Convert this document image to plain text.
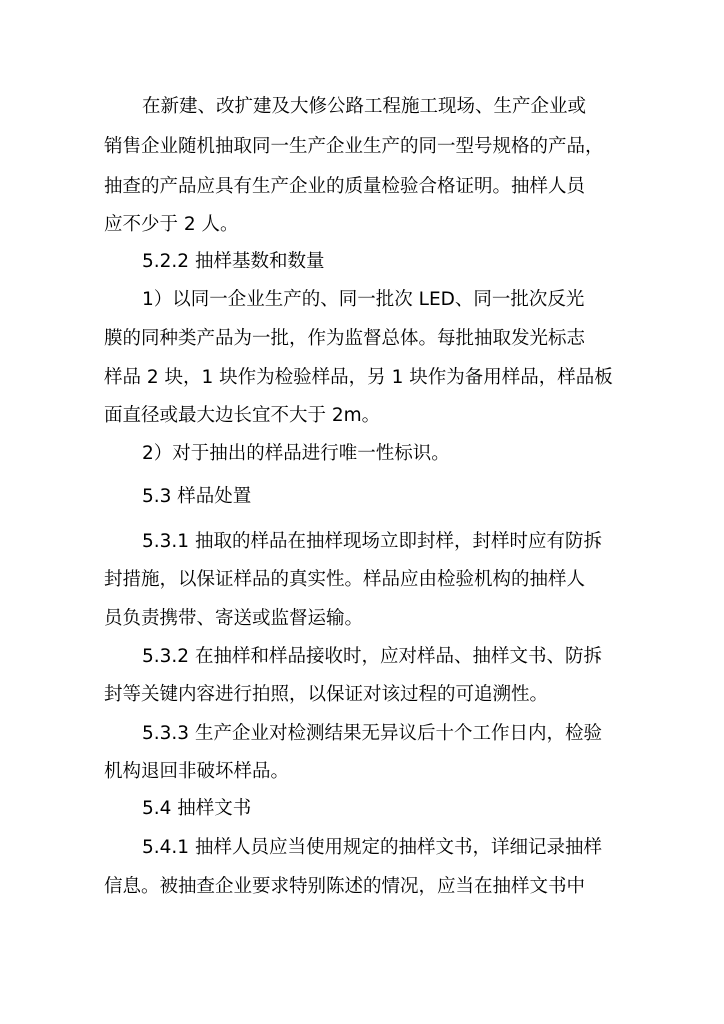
在新建、改扩建及大修公路工程施工现场、生产企业或
销售企业随机抽取同一生产企业生产的同一型号规格的产品，
抽查的产品应具有生产企业的质量检验合格证明。抽样人员
应不少于 2 人。
5.2.2 抽样基数和数量
1）以同一企业生产的、同一批次 LED、同一批次反光
膜的同种类产品为一批，作为监督总体。每批抽取发光标志
样品 2 块，1 块作为检验样品，另 1 块作为备用样品，样品板
面直径或最大边长宜不大于 2m。
2）对于抽出的样品进行唯一性标识。
5.3 样品处置
5.3.1 抽取的样品在抽样现场立即封样，封样时应有防拆
封措施，以保证样品的真实性。样品应由检验机构的抽样人
员负责携带、寄送或监督运输。
5.3.2 在抽样和样品接收时，应对样品、抽样文书、防拆
封等关键内容进行拍照，以保证对该过程的可追溯性。
5.3.3 生产企业对检测结果无异议后十个工作日内，检验
机构退回非破坏样品。
5.4 抽样文书
5.4.1 抽样人员应当使用规定的抽样文书，详细记录抽样
信息。被抽查企业要求特别陈述的情况，应当在抽样文书中
